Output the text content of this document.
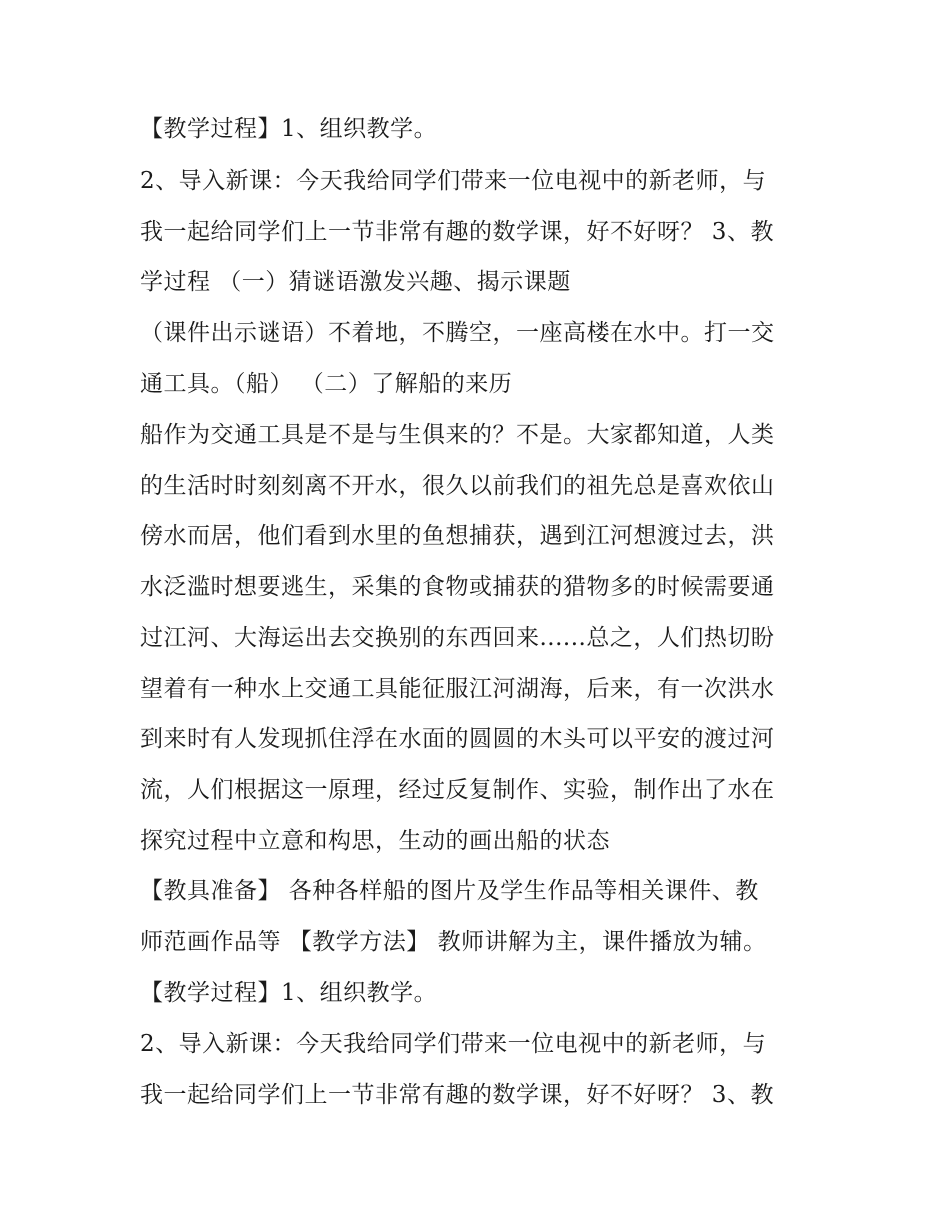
【教学过程】1、组织教学。
2、导入新课：今天我给同学们带来一位电视中的新老师，与
我一起给同学们上一节非常有趣的数学课，好不好呀？ 3、教
学过程 （一）猜谜语激发兴趣、揭示课题
（课件出示谜语）不着地，不腾空，一座高楼在水中。打一交
通工具。（船） （二）了解船的来历
船作为交通工具是不是与生俱来的？不是。大家都知道，人类
的生活时时刻刻离不开水，很久以前我们的祖先总是喜欢依山
傍水而居，他们看到水里的鱼想捕获，遇到江河想渡过去，洪
水泛滥时想要逃生，采集的食物或捕获的猎物多的时候需要通
过江河、大海运出去交换别的东西回来......总之，人们热切盼
望着有一种水上交通工具能征服江河湖海，后来，有一次洪水
到来时有人发现抓住浮在水面的圆圆的木头可以平安的渡过河
流，人们根据这一原理，经过反复制作、实验，制作出了水在
探究过程中立意和构思，生动的画出船的状态
【教具准备】 各种各样船的图片及学生作品等相关课件、教
师范画作品等 【教学方法】 教师讲解为主，课件播放为辅。
【教学过程】1、组织教学。
2、导入新课：今天我给同学们带来一位电视中的新老师，与
我一起给同学们上一节非常有趣的数学课，好不好呀？ 3、教
